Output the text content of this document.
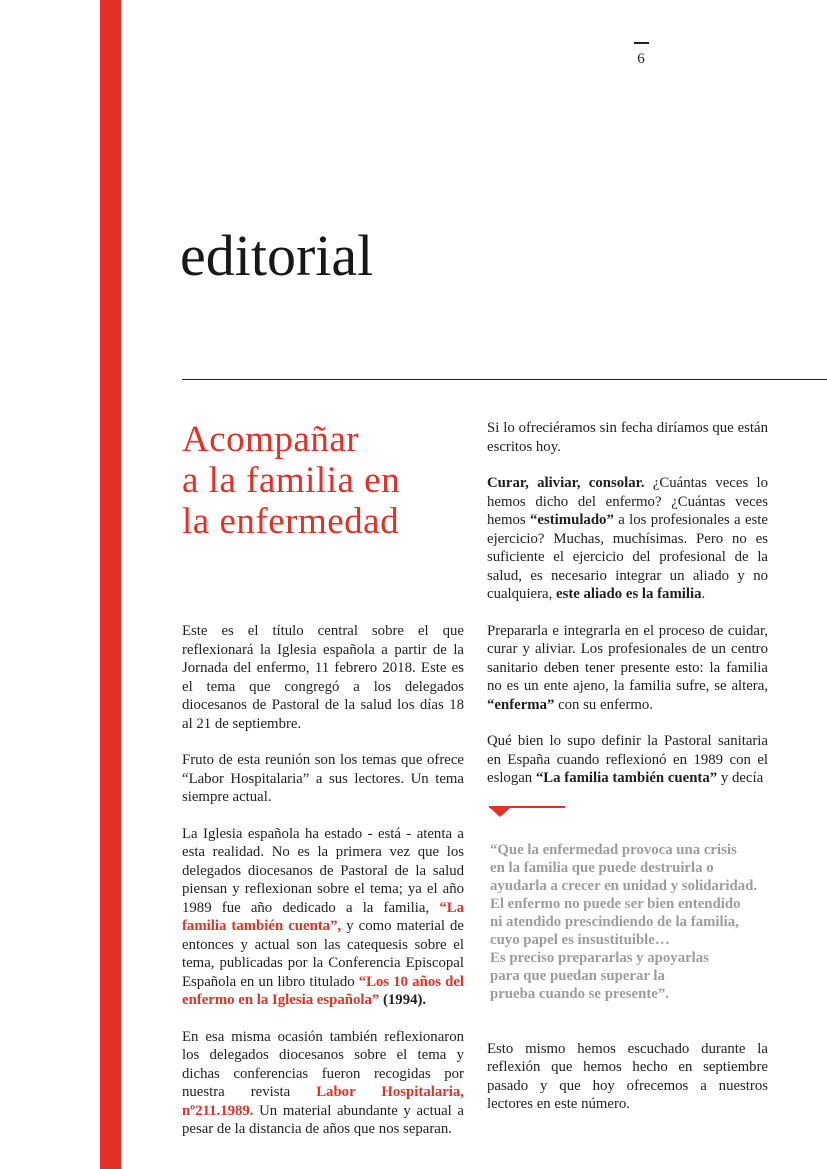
6
editorial
Acompañar
a la familia en
la enfermedad

Este es el título central sobre el que reflexionará la Iglesia española a partir de la Jornada del enfermo, 11 febrero 2018. Este es el tema que congregó a los delegados diocesanos de Pastoral de la salud los días 18 al 21 de septiembre.

Fruto de esta reunión son los temas que ofrece “Labor Hospitalaria” a sus lectores. Un tema siempre actual.

La Iglesia española ha estado - está - atenta a esta realidad. No es la primera vez que los delegados diocesanos de Pastoral de la salud piensan y reflexionan sobre el tema; ya el año 1989 fue año dedicado a la familia, “La familia también cuenta”, y como material de entonces y actual son las catequesis sobre el tema, publicadas por la Conferencia Episcopal Española en un libro titulado “Los 10 años del enfermo en la Iglesia española” (1994).

En esa misma ocasión también reflexionaron los delegados diocesanos sobre el tema y dichas conferencias fueron recogidas por nuestra revista Labor Hospitalaria, nº211.1989. Un material abundante y actual a pesar de la distancia de años que nos separan.

Si lo ofreciéramos sin fecha diríamos que están escritos hoy.

Curar, aliviar, consolar. ¿Cuántas veces lo hemos dicho del enfermo? ¿Cuántas veces hemos “estimulado” a los profesionales a este ejercicio? Muchas, muchísimas. Pero no es suficiente el ejercicio del profesional de la salud, es necesario integrar un aliado y no cualquiera, este aliado es la familia.

Prepararla e integrarla en el proceso de cuidar, curar y aliviar. Los profesionales de un centro sanitario deben tener presente esto: la familia no es un ente ajeno, la familia sufre, se altera, “enferma” con su enfermo.

Qué bien lo supo definir la Pastoral sanitaria en España cuando reflexionó en 1989 con el eslogan “La familia también cuenta” y decía

“Que la enfermedad provoca una crisis
en la familia que puede destruirla o
ayudarla a crecer en unidad y solidaridad.
El enfermo no puede ser bien entendido
ni atendido prescindiendo de la familia,
cuyo papel es insustituible…
Es preciso prepararlas y apoyarlas
para que puedan superar la
prueba cuando se presente”.

Esto mismo hemos escuchado durante la reflexión que hemos hecho en septiembre pasado y que hoy ofrecemos a nuestros lectores en este número.
